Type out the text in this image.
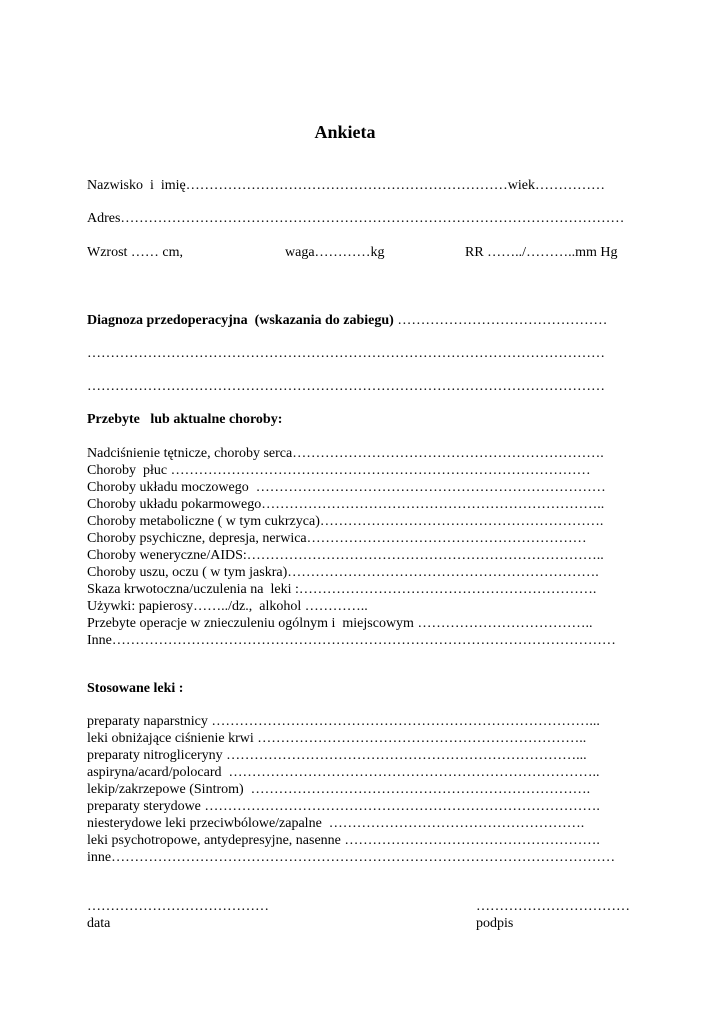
Ankieta
Nazwisko  i  imię……………………………………………………………wiek……………
Adres………………………………………………………………………………………………
Wzrost …… cm,	waga…………kg	RR ……../………..mm Hg
Diagnoza przedoperacyjna  (wskazania do zabiegu) ………………………………………
…………………………………………………………………………………………………
…………………………………………………………………………………………………
Przebyte   lub aktualne choroby:
Nadciśnienie tętnicze, choroby serca………………………………………………………….
Choroby  płuc ………………………………………………………………………………
Choroby układu moczowego  …………………………………………………………………
Choroby układu pokarmowego………………………………………………………………..
Choroby metaboliczne ( w tym cukrzyca)…………………………………………………….
Choroby psychiczne, depresja, nerwica……………………………………………………
Choroby weneryczne/AIDS:…………………………………………………………………..
Choroby uszu, oczu ( w tym jaskra)………………………………………………………….
Skaza krwotoczna/uczulenia na  leki :……………………………………………………….
Używki: papierosy……../dz.,  alkohol …………..
Przebyte operacje w znieczuleniu ogólnym i  miejscowym ………………………………..
Inne………………………………………………………………………………………………
Stosowane leki :
preparaty naparstnicy ………………………………………………………………………...
leki obniżające ciśnienie krwi ……………………………………………………………..
preparaty nitrogliceryny …………………………………………………………………...
aspiryna/acard/polocard  ……………………………………………………………………..
lekip/zakrzepowe (Sintrom)  ……………………………………………………………….
preparaty sterydowe ………………………………………………………………………….
niesterydowe leki przeciwbólowe/zapalne  ……………………………………………….
leki psychotropowe, antydepresyjne, nasenne ……………………………………………….
inne………………………………………………………………………………………………
…………………………………
data
……………………………
podpis
